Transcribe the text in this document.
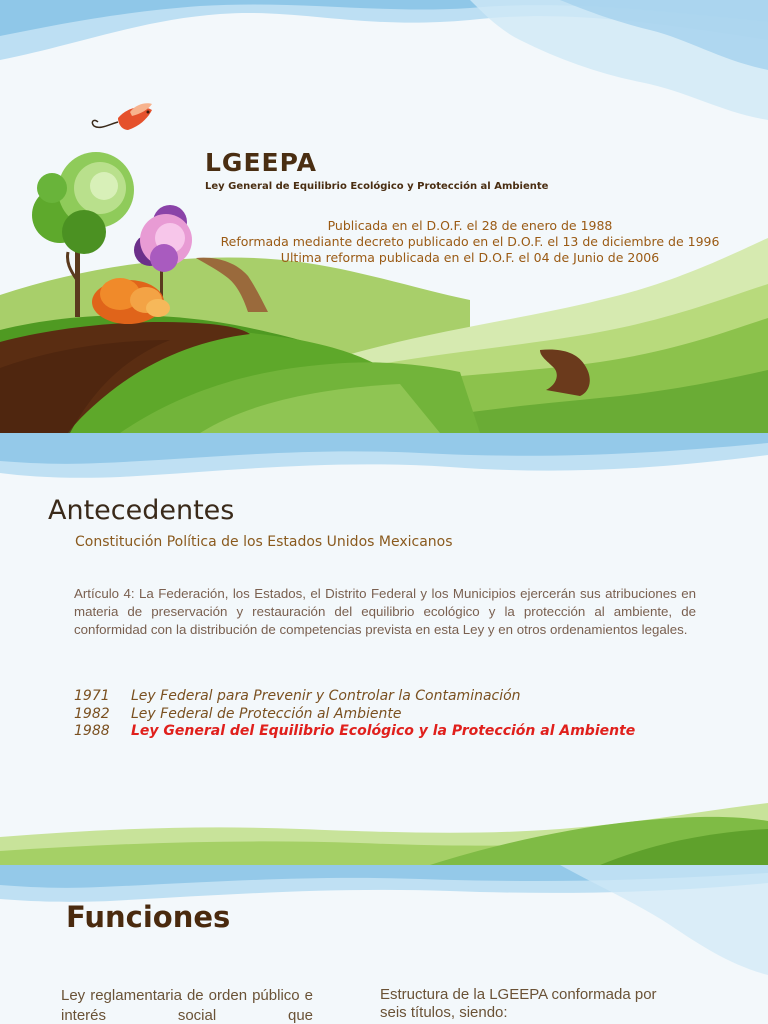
LGEEPA
Ley General de Equilibrio Ecológico y Protección al Ambiente
Publicada en el D.O.F. el 28 de enero de 1988
Reformada mediante decreto publicado en el D.O.F. el 13 de diciembre de 1996
Ultima reforma publicada en el D.O.F. el 04 de Junio de 2006
Antecedentes
Constitución Política de los Estados Unidos Mexicanos
Artículo 4: La Federación, los Estados, el Distrito Federal y los Municipios ejercerán sus atribuciones en materia de preservación y restauración del equilibrio ecológico y la protección al ambiente, de conformidad con la distribución de competencias prevista en esta Ley y en otros ordenamientos legales.
1971 Ley Federal para Prevenir y Controlar la Contaminación
1982 Ley Federal de Protección al Ambiente
1988 Ley General del Equilibrio Ecológico y la Protección al Ambiente
Funciones
Ley reglamentaria de orden público e interés social que
Estructura de la LGEEPA conformada por seis títulos, siendo:
